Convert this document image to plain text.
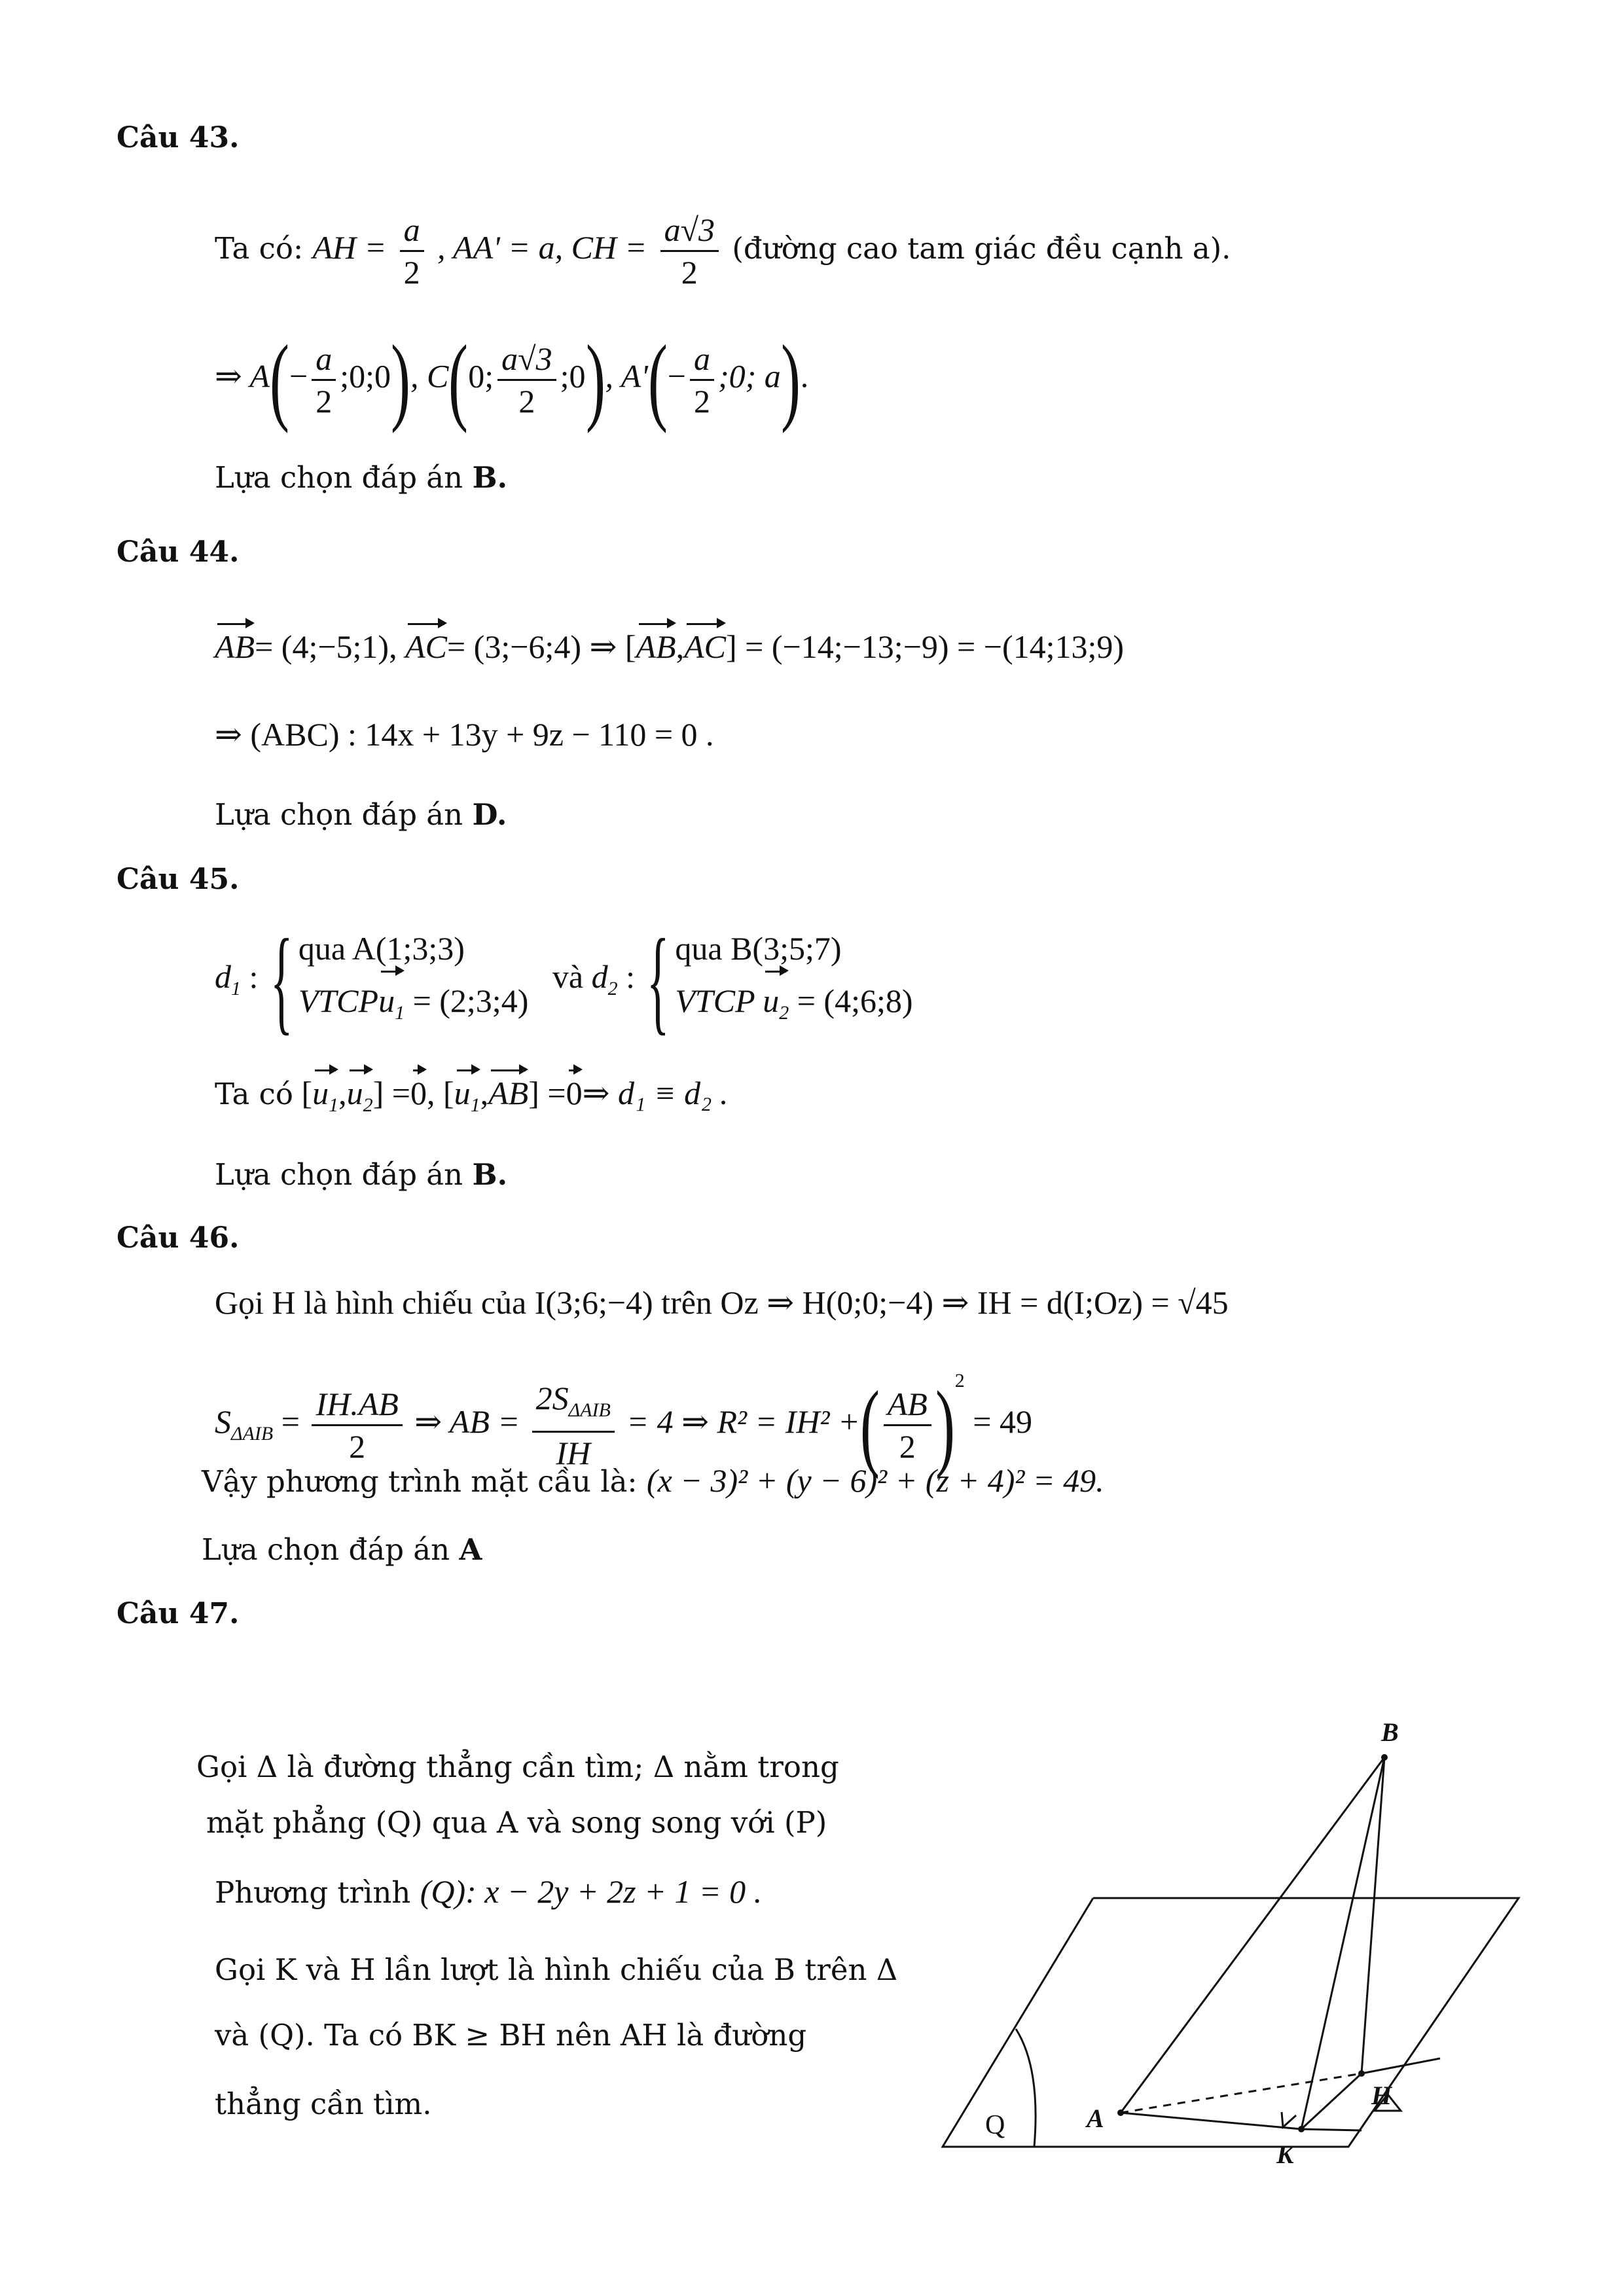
Câu 43.
Ta có: AH = $\frac{a}{2}$ , AA' = a, CH = $\frac{a√3}{2}$ (đường cao tam giác đều cạnh a).
⇒ $A(- \frac{a}{2}$ ;0;0), C(0; $\frac{a√3}{2}$ ;0), $A'(- \frac{a}{2}$ ;0; a).
Lựa chọn đáp án B.
Câu 44.
AB= (4;−5;1), AC= (3;−6;4) ⇒ [AB,AC] = (−14;−13;−9) = −(14;13;9)
⇒ (ABC) : 14x + 13y + 9z − 110 = 0 .
Lựa chọn đáp án D.
Câu 45.
$d_1$ : { qua A(1;3;3)
VTCPu$_1$ = (2;3;4)
và $d_2$ : { qua B(3;5;7)
VTCP $u_2$ = (4;6;8)
Ta có $[u_1,u_2] =0$, $[u_1,AB]$ =0⇒ d₁ ≡ d₂ .
Lựa chọn đáp án B.
Câu 46.
Gọi H là hình chiếu của I(3;6;−4) trên Oz ⇒ H(0;0;−4) ⇒ IH = d(I;Oz) = √45
$S_{\Delta AIB} = \frac{IH.AB}{2}$ ⇒ AB = $\frac{2S_{\Delta AIB}}{IH} = 4$ ⇒ R² = IH² +( $\frac{AB}{2} )^2 = 49$
Vậy phương trình mặt cầu là: (x − 3)² + (y − 6)² + (z + 4)² = 49.
Lựa chọn đáp án A
Câu 47.
Gọi Δ là đường thẳng cần tìm; Δ nằm trong
mặt phẳng (Q) qua A và song song với (P)
Phương trình (Q): x − 2y + 2z + 1 = 0 .
Gọi K và H lần lượt là hình chiếu của B trên Δ
và (Q). Ta có BK ≥ BH nên AH là đường
thẳng cần tìm.
B
H
A
K
Q	Δ
